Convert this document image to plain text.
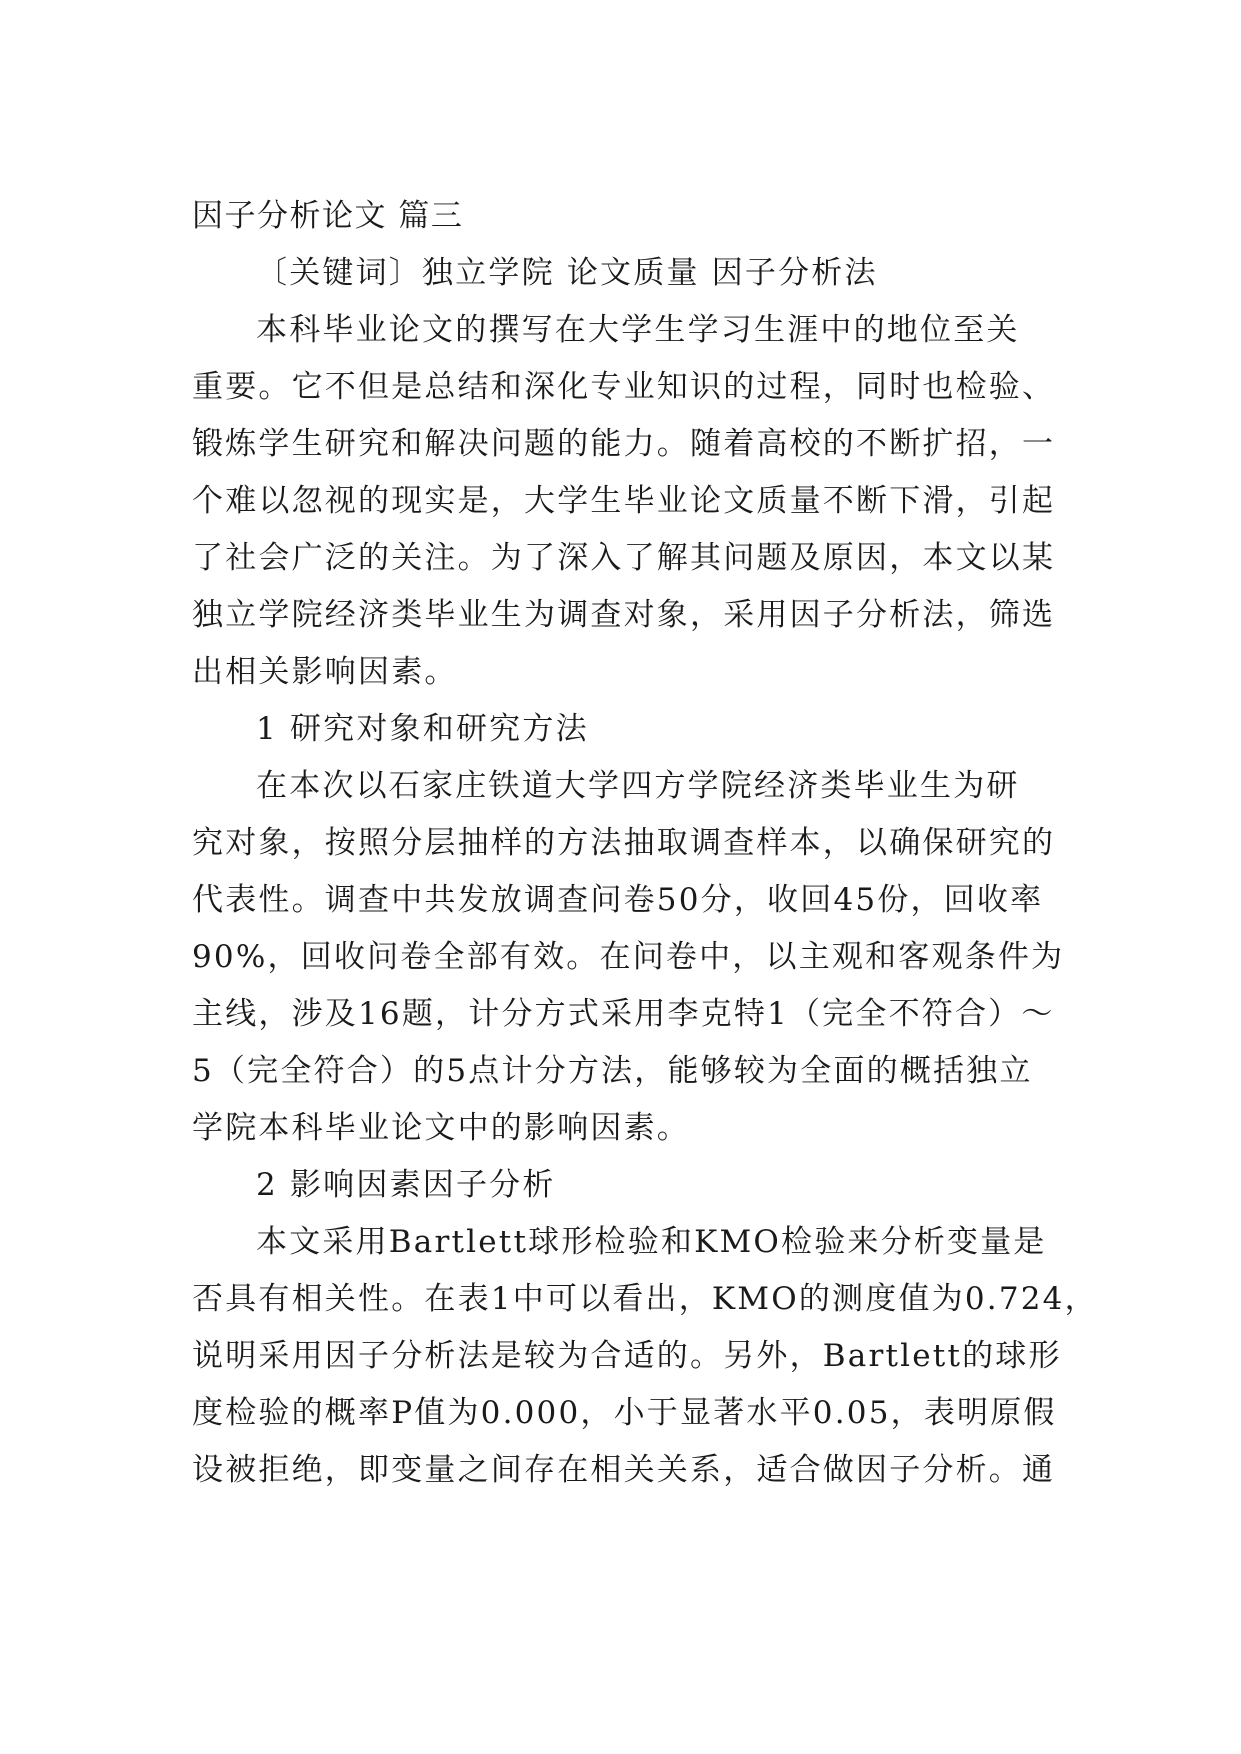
因子分析论文 篇三
〔关键词〕独立学院 论文质量 因子分析法
本科毕业论文的撰写在大学生学习生涯中的地位至关
重要。它不但是总结和深化专业知识的过程，同时也检验、
锻炼学生研究和解决问题的能力。随着高校的不断扩招，一
个难以忽视的现实是，大学生毕业论文质量不断下滑，引起
了社会广泛的关注。为了深入了解其问题及原因，本文以某
独立学院经济类毕业生为调查对象，采用因子分析法，筛选
出相关影响因素。
1 研究对象和研究方法
在本次以石家庄铁道大学四方学院经济类毕业生为研
究对象，按照分层抽样的方法抽取调查样本，以确保研究的
代表性。调查中共发放调查问卷50分，收回45份，回收率
90%，回收问卷全部有效。在问卷中，以主观和客观条件为
主线，涉及16题，计分方式采用李克特1（完全不符合）～
5（完全符合）的5点计分方法，能够较为全面的概括独立
学院本科毕业论文中的影响因素。
2 影响因素因子分析
本文采用Bartlett球形检验和KMO检验来分析变量是
否具有相关性。在表1中可以看出，KMO的测度值为0.724，
说明采用因子分析法是较为合适的。另外，Bartlett的球形
度检验的概率P值为0.000，小于显著水平0.05，表明原假
设被拒绝，即变量之间存在相关关系，适合做因子分析。通
